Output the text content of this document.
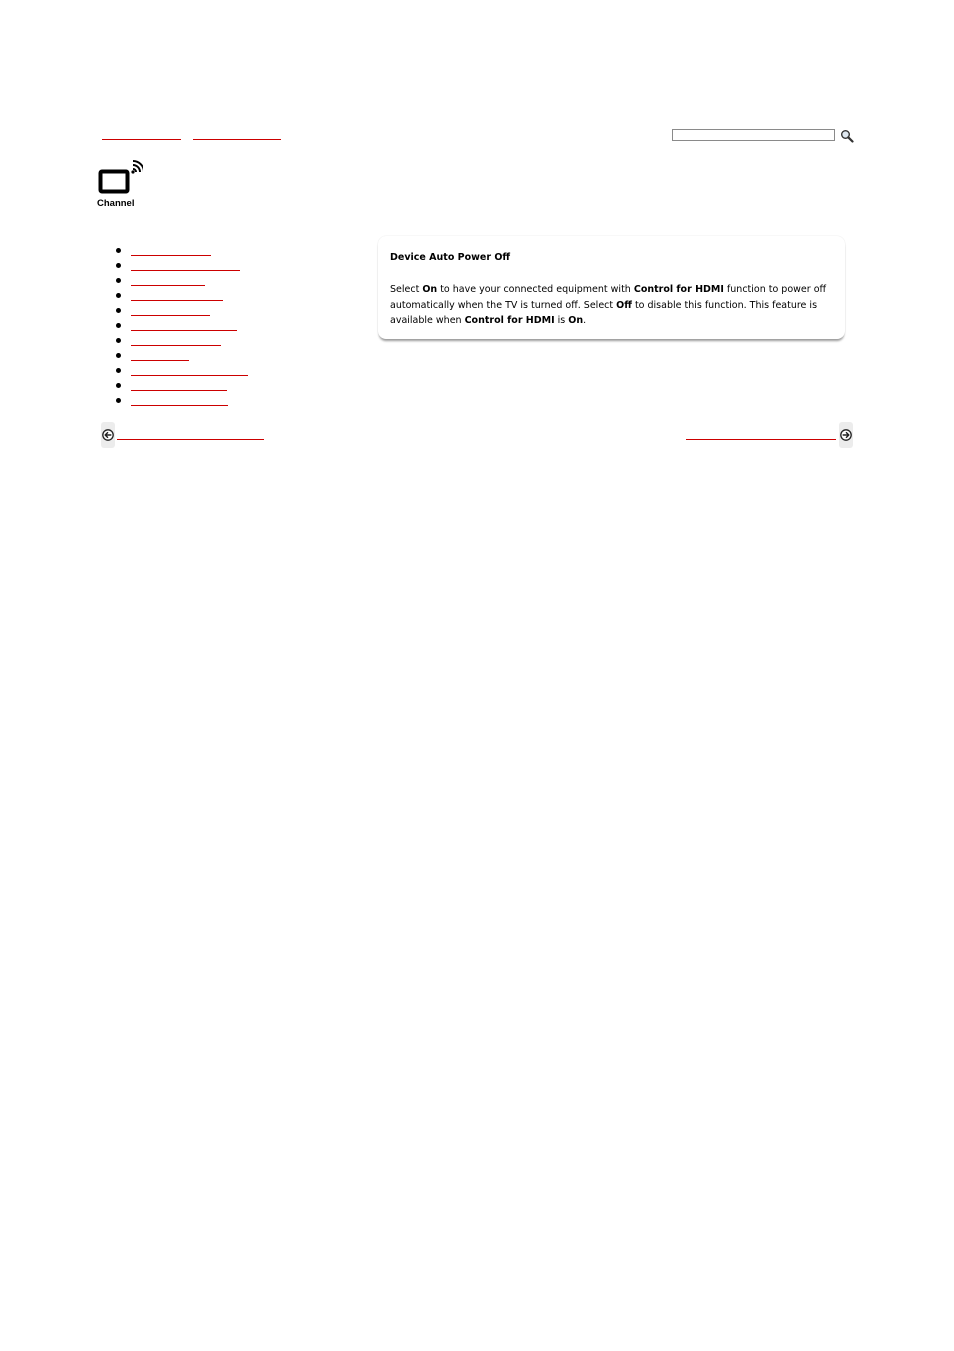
Channel
Device Auto Power Off
Select On to have your connected equipment with Control for HDMI function to power off automatically when the TV is turned off. Select Off to disable this function. This feature is available when Control for HDMI is On.
